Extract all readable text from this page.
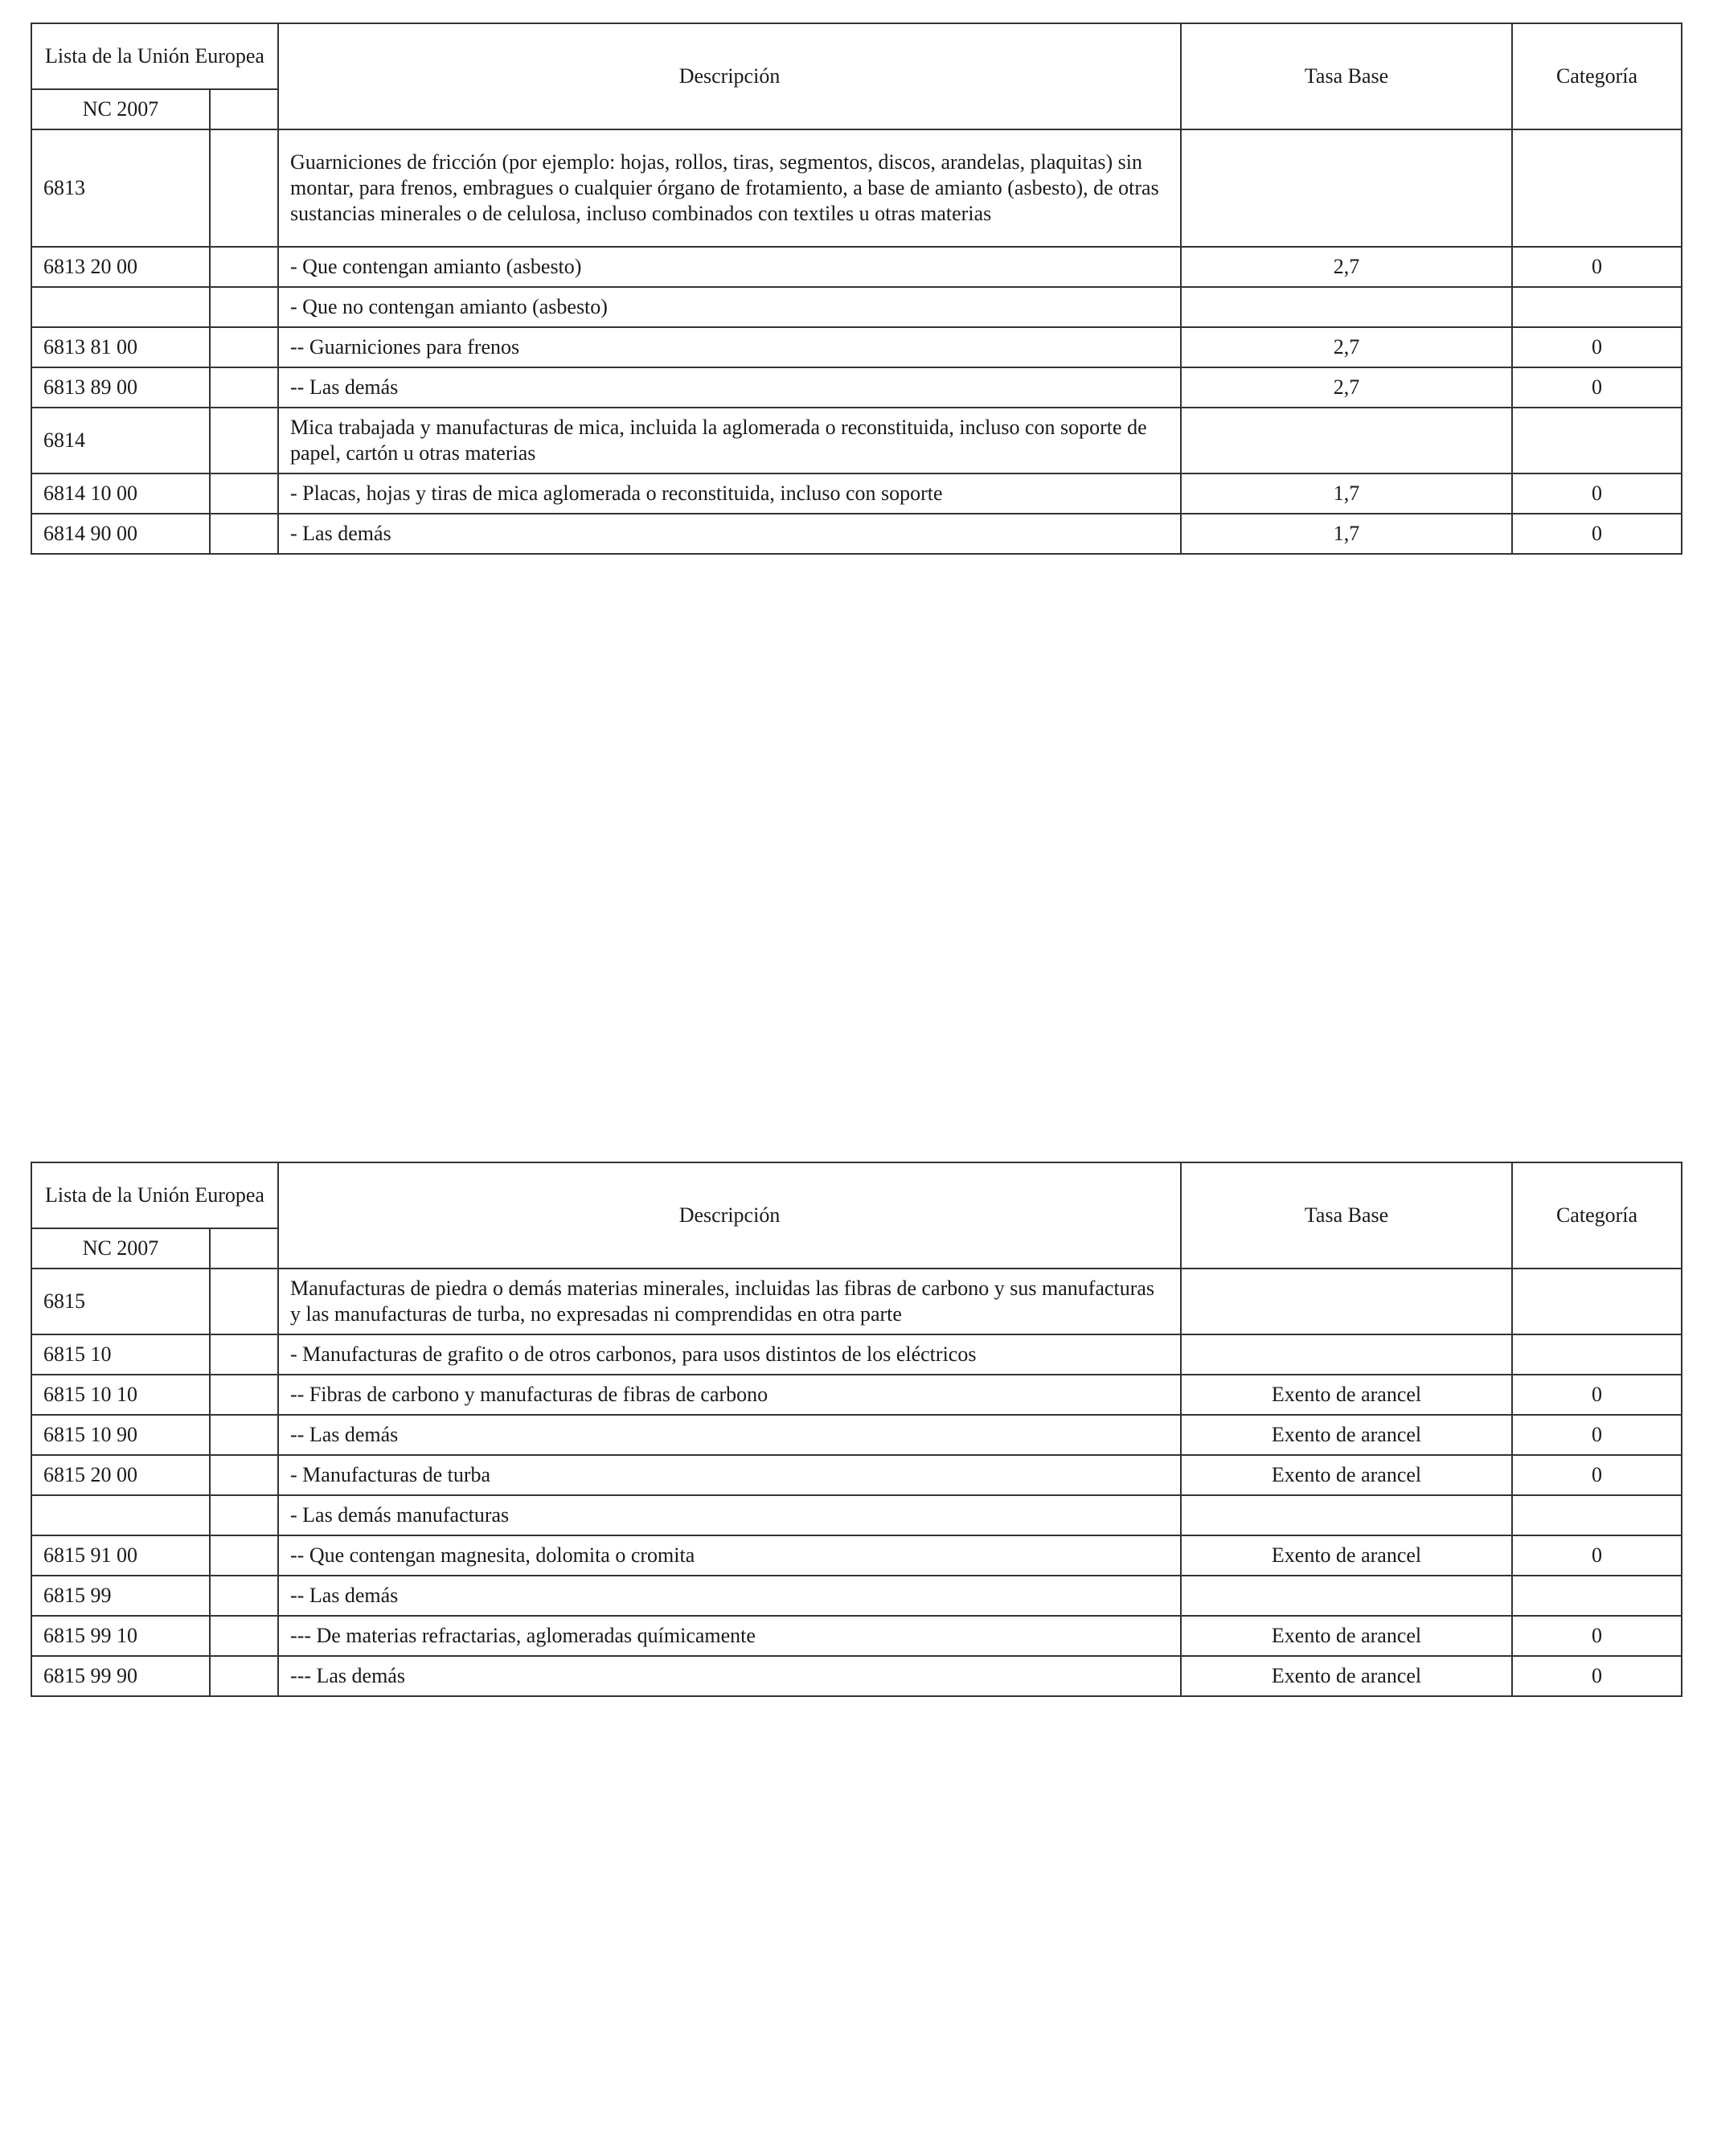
Lista de la Unión Europea		Descripción	Tasa Base	Categoría
NC 2007				
6813		Guarniciones de fricción (por ejemplo: hojas, rollos, tiras, segmentos, discos, arandelas, plaquitas) sin montar, para frenos, embragues o cualquier órgano de frotamiento, a base de amianto (asbesto), de otras sustancias minerales o de celulosa, incluso combinados con textiles u otras materias		
6813 20 00		- Que contengan amianto (asbesto)	2,7	0
		- Que no contengan amianto (asbesto)		
6813 81 00		-- Guarniciones para frenos	2,7	0
6813 89 00		-- Las demás	2,7	0
6814		Mica trabajada y manufacturas de mica, incluida la aglomerada o reconstituida, incluso con soporte de papel, cartón u otras materias		
6814 10 00		- Placas, hojas y tiras de mica aglomerada o reconstituida, incluso con soporte	1,7	0
6814 90 00		- Las demás	1,7	0
Lista de la Unión Europea		Descripción	Tasa Base	Categoría
NC 2007				
6815		Manufacturas de piedra o demás materias minerales, incluidas las fibras de carbono y sus manufacturas y las manufacturas de turba, no expresadas ni comprendidas en otra parte		
6815 10		- Manufacturas de grafito o de otros carbonos, para usos distintos de los eléctricos		
6815 10 10		-- Fibras de carbono y manufacturas de fibras de carbono	Exento de arancel	0
6815 10 90		-- Las demás	Exento de arancel	0
6815 20 00		- Manufacturas de turba	Exento de arancel	0
		- Las demás manufacturas		
6815 91 00		-- Que contengan magnesita, dolomita o cromita	Exento de arancel	0
6815 99		-- Las demás		
6815 99 10		--- De materias refractarias, aglomeradas químicamente	Exento de arancel	0
6815 99 90		--- Las demás	Exento de arancel	0
